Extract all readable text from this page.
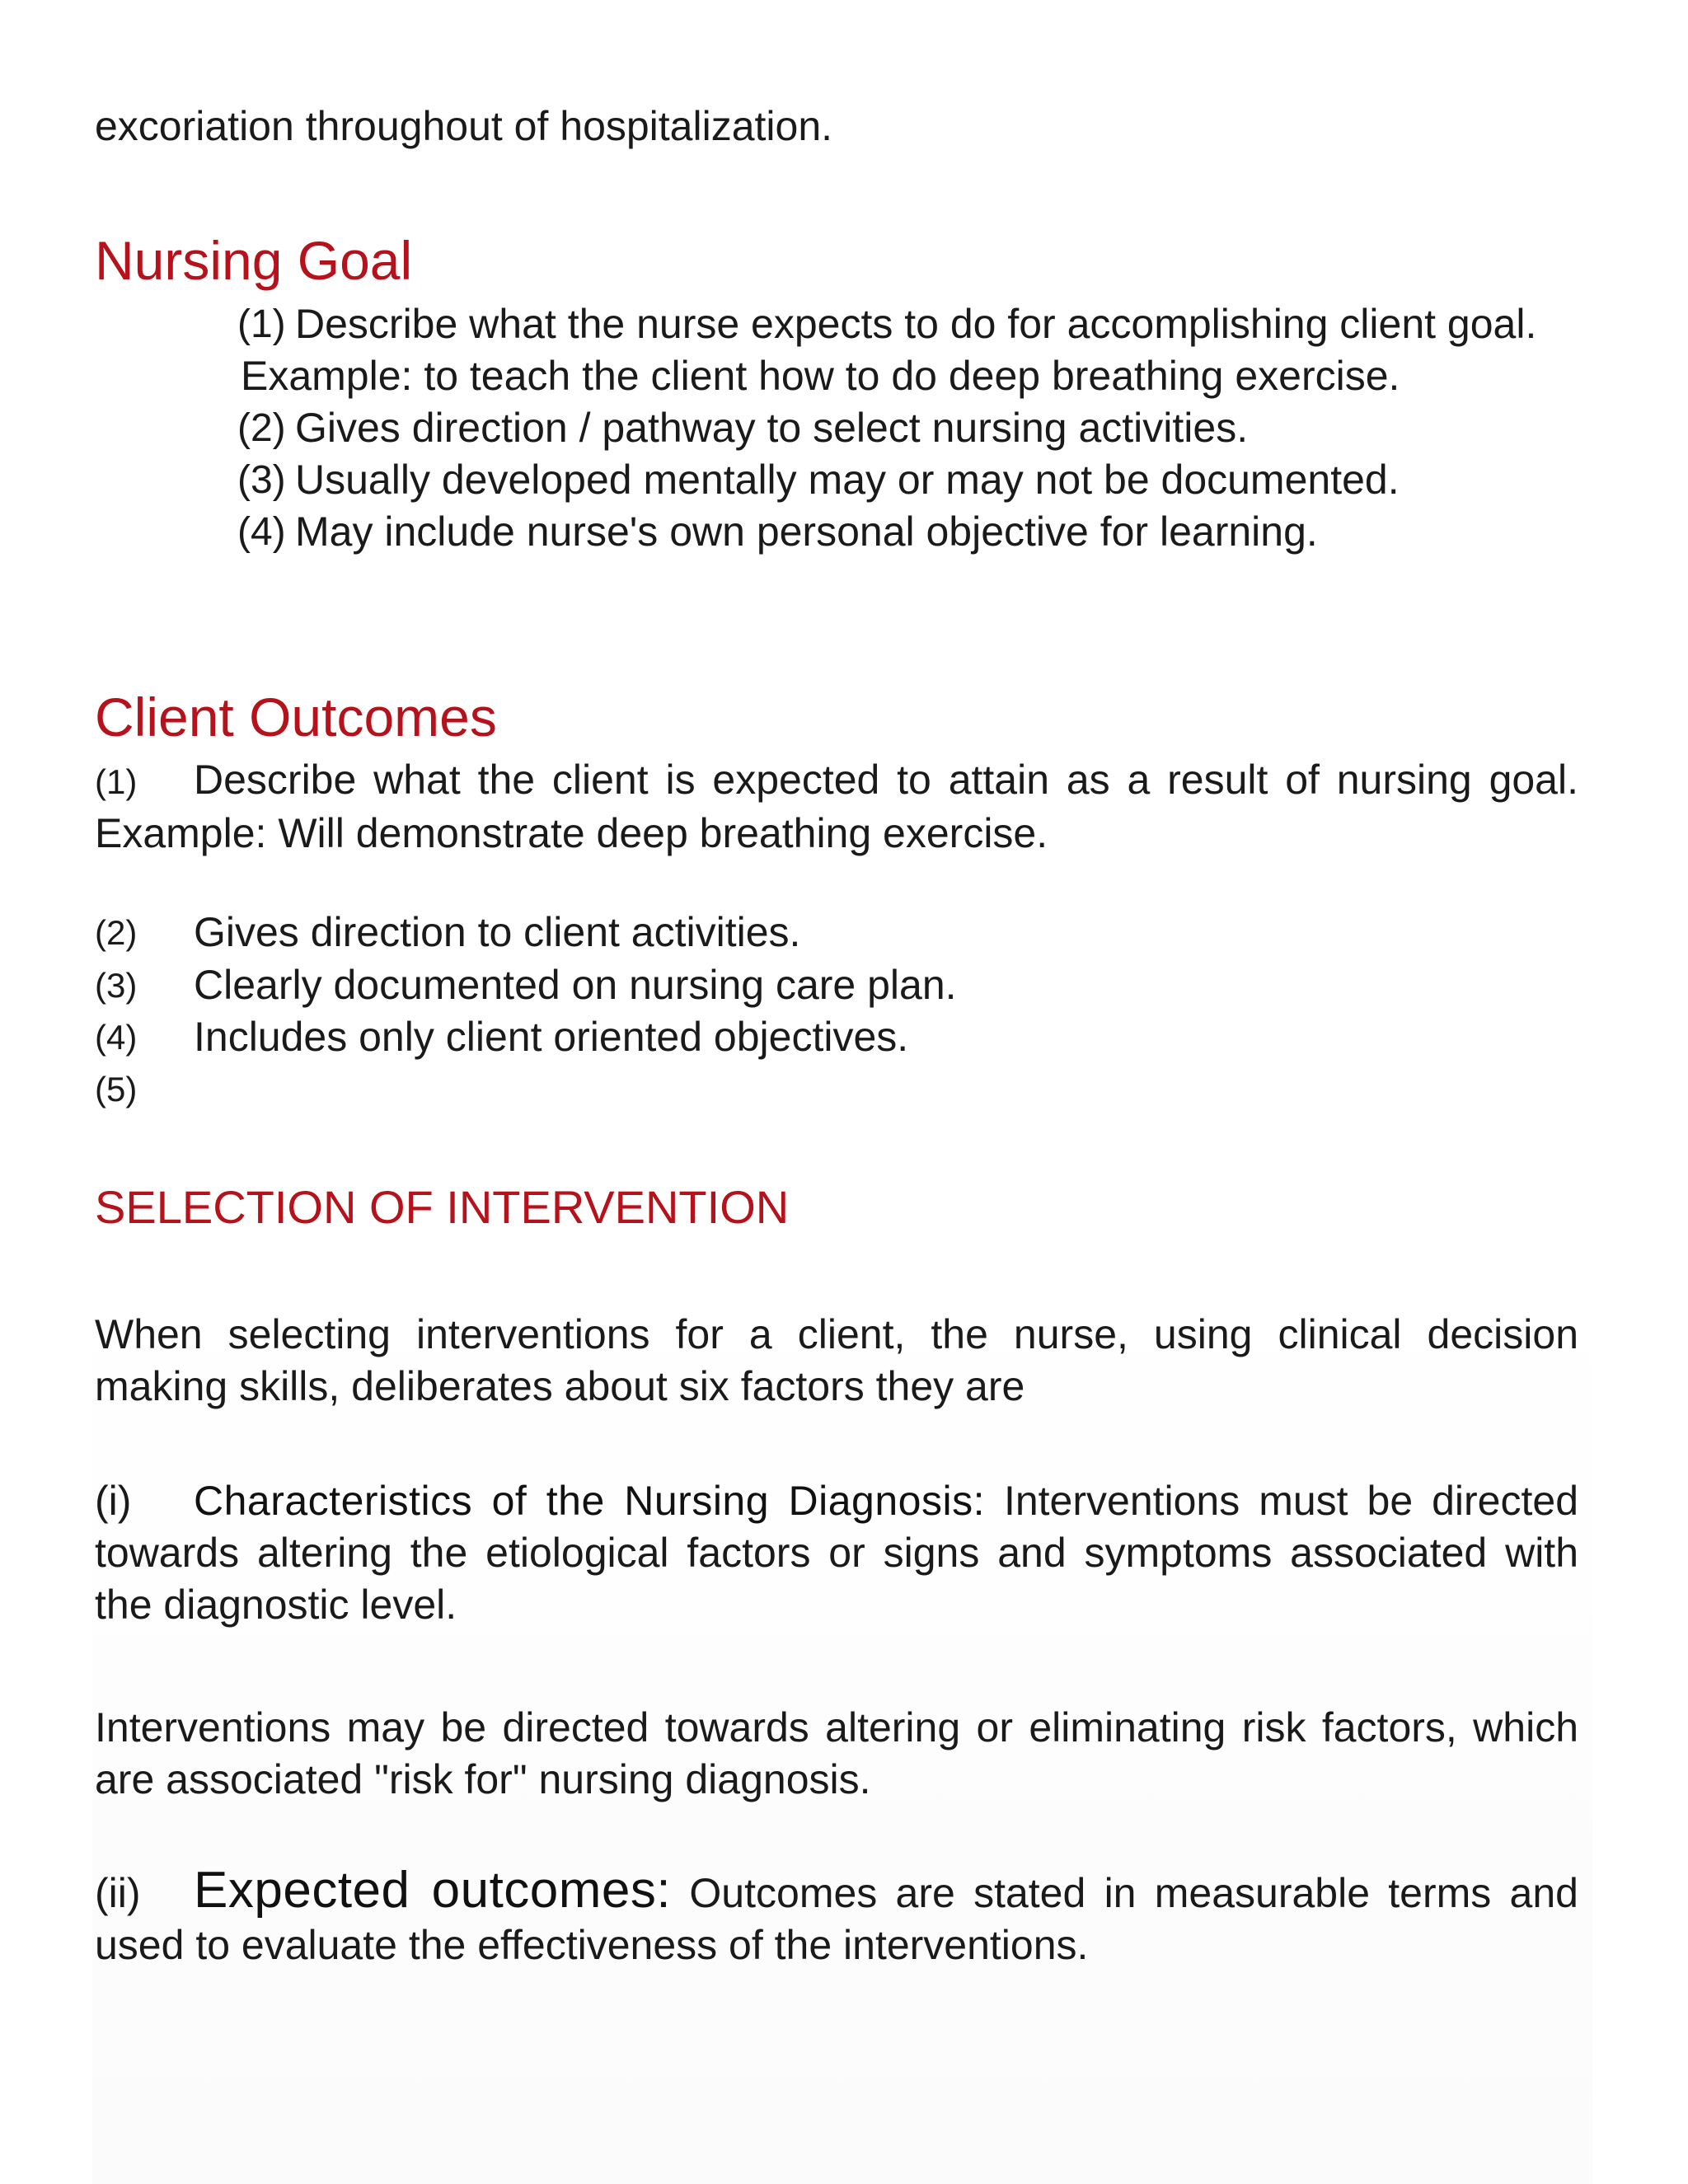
excoriation throughout of hospitalization.

Nursing Goal
(1) Describe what the nurse expects to do for accomplishing client goal.
Example: to teach the client how to do deep breathing exercise.
(2) Gives direction / pathway to select nursing activities.
(3) Usually developed mentally may or may not be documented.
(4) May include nurse's own personal objective for learning.
Client Outcomes

(1) Describe what the client is expected to attain as a result of nursing goal. Example: Will demonstrate deep breathing exercise.

(2)	Gives direction to client activities.
(3)	Clearly documented on nursing care plan.
(4)	Includes only client oriented objectives.
(5)
SELECTION OF INTERVENTION

When selecting interventions for a client, the nurse, using clinical decision making skills, deliberates about six factors they are

(i) Characteristics of the Nursing Diagnosis: Interventions must be directed towards altering the etiological factors or signs and symptoms associated with the diagnostic level.

Interventions may be directed towards altering or eliminating risk factors, which are associated "risk for" nursing diagnosis.

(ii) Expected outcomes: Outcomes are stated in measurable terms and used to evaluate the effectiveness of the interventions.
